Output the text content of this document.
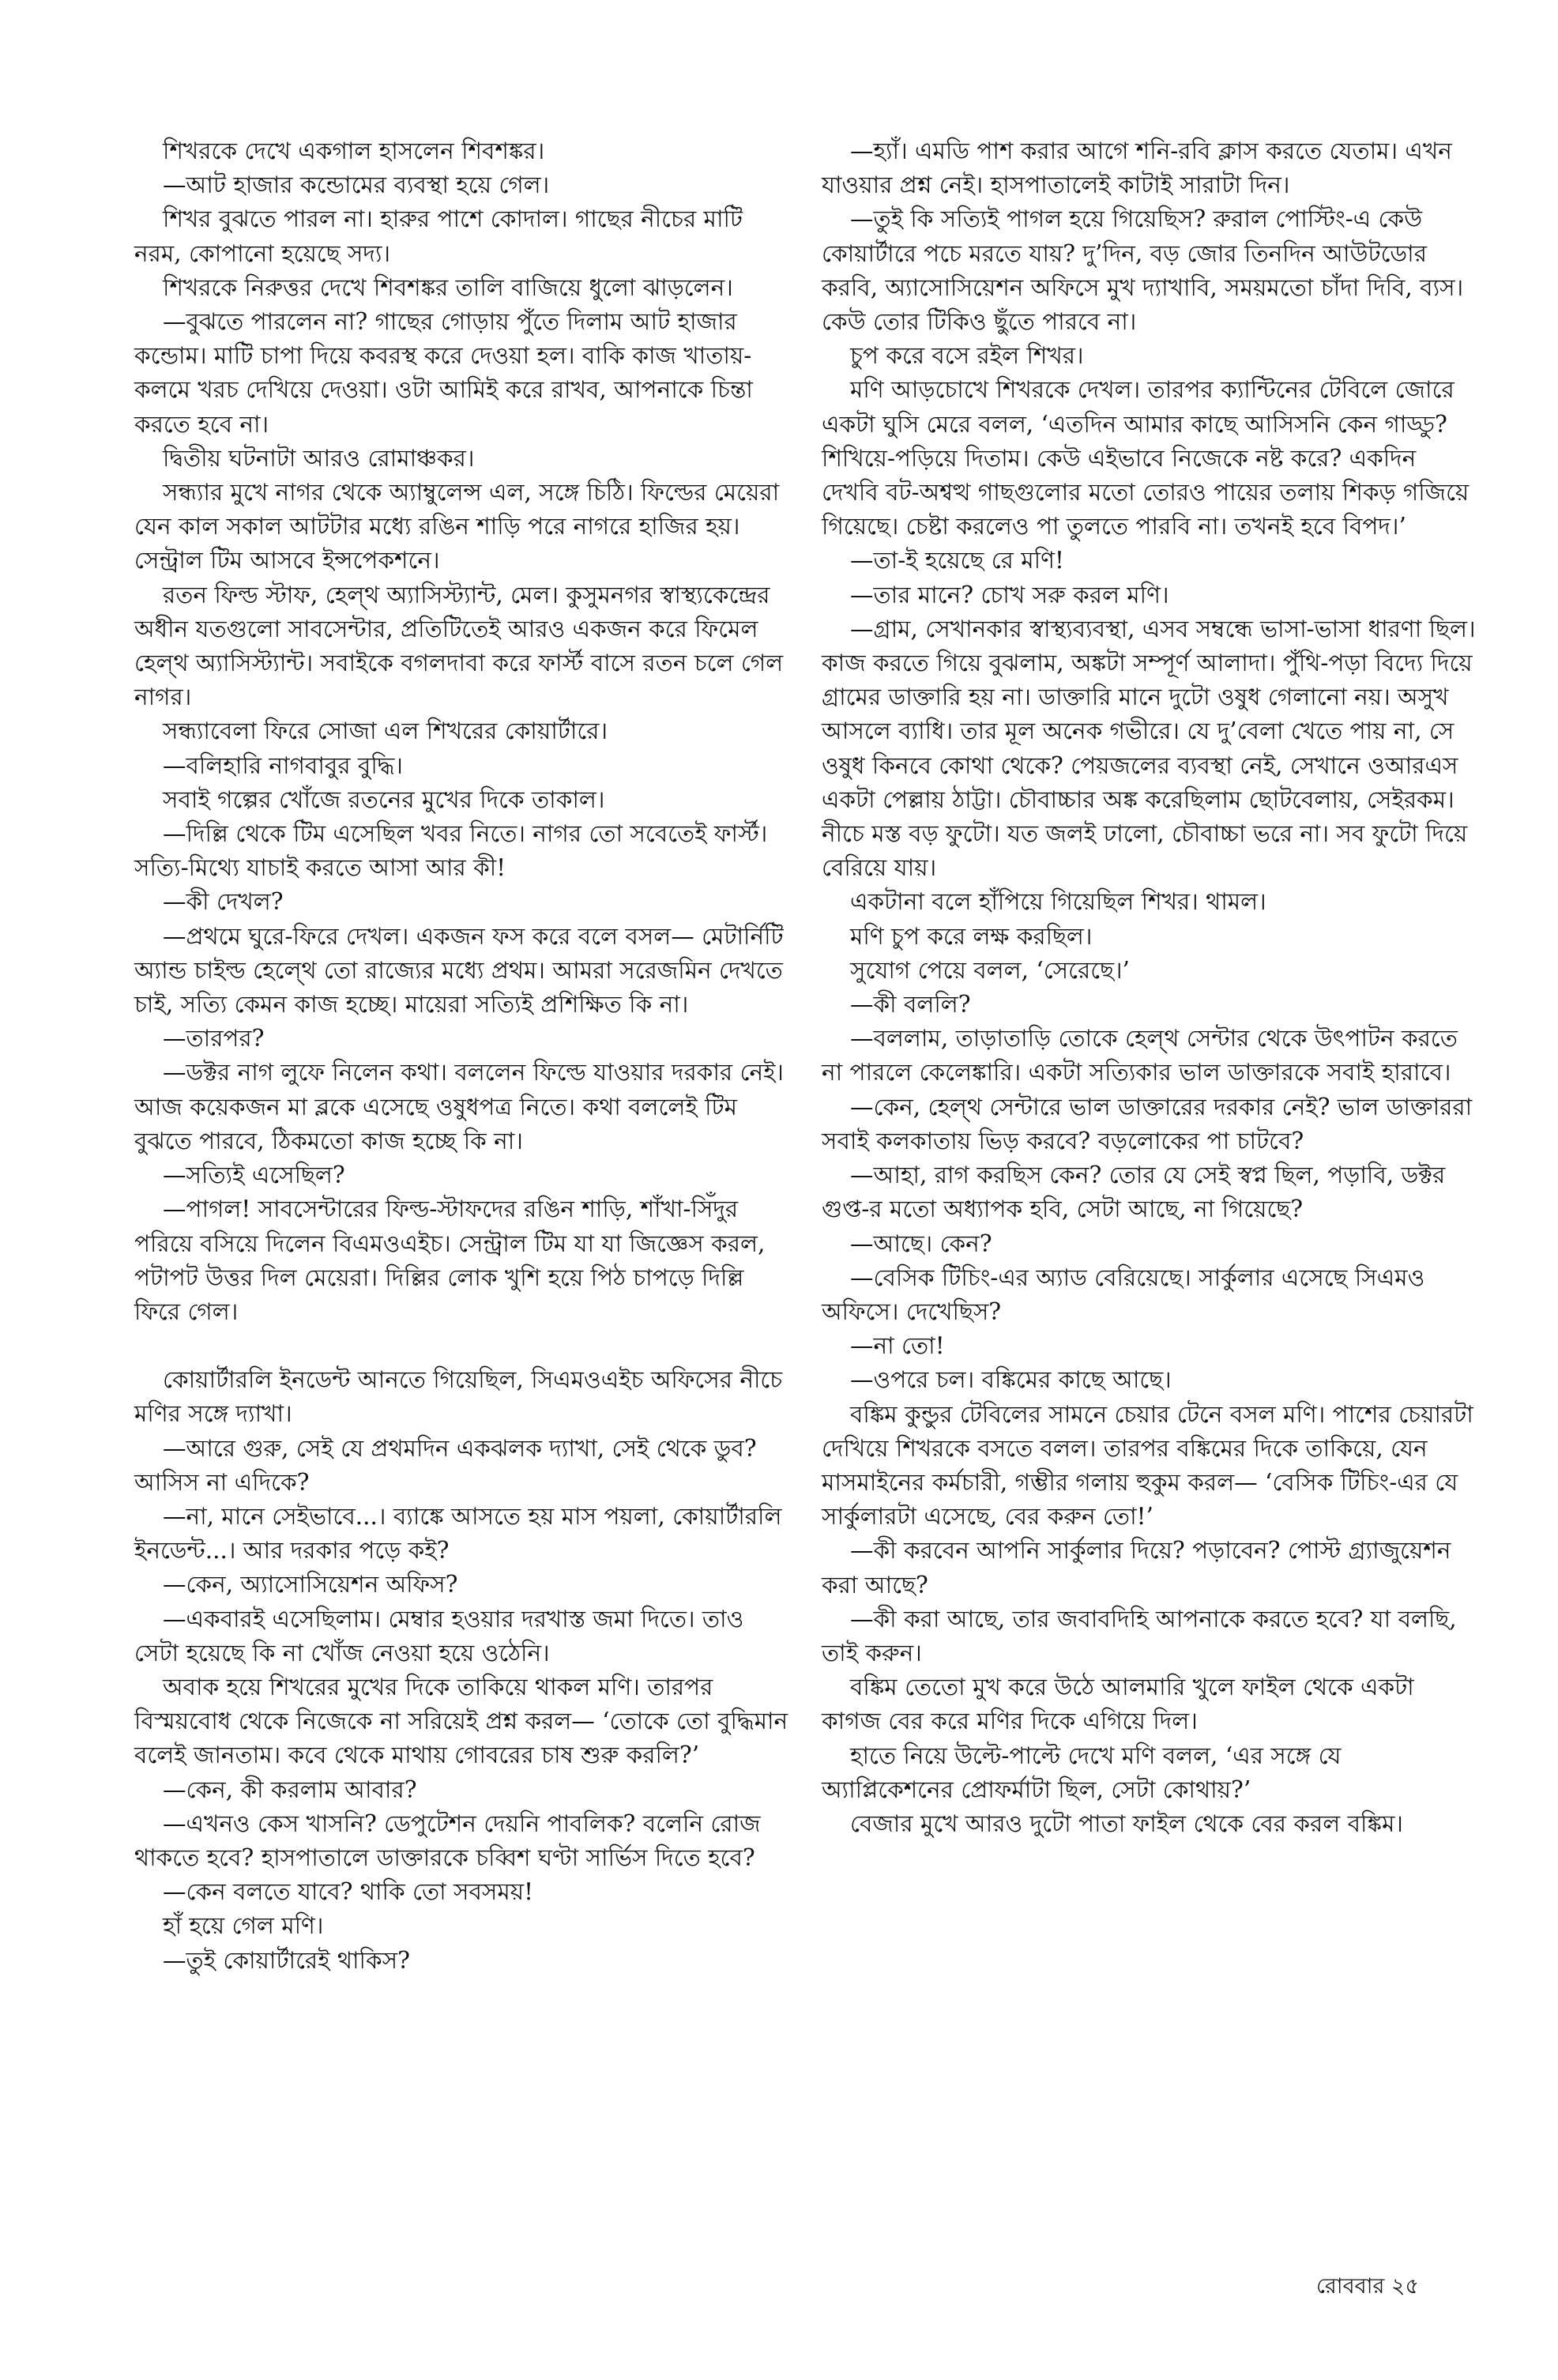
শিখরকে দেখে একগাল হাসলেন শিবশঙ্কর।

—আট হাজার কন্ডোমের ব্যবস্থা হয়ে গেল।

শিখর বুঝতে পারল না। হারুর পাশে কোদাল। গাছের নীচের মাটি নরম, কোপানো হয়েছে সদ্য।

শিখরকে নিরুত্তর দেখে শিবশঙ্কর তালি বাজিয়ে ধুলো ঝাড়লেন।

—বুঝতে পারলেন না? গাছের গোড়ায় পুঁতে দিলাম আট হাজার কন্ডোম। মাটি চাপা দিয়ে কবরস্থ করে দেওয়া হল। বাকি কাজ খাতায়-কলমে খরচ দেখিয়ে দেওয়া। ওটা আমিই করে রাখব, আপনাকে চিন্তা করতে হবে না।

দ্বিতীয় ঘটনাটা আরও রোমাঞ্চকর।

সন্ধ্যার মুখে নাগর থেকে অ্যাম্বুলেন্স এল, সঙ্গে চিঠি। ফিল্ডের মেয়েরা যেন কাল সকাল আটটার মধ্যে রঙিন শাড়ি পরে নাগরে হাজির হয়। সেন্ট্রাল টিম আসবে ইন্সপেকশনে।

রতন ফিল্ড স্টাফ, হেল্থ অ্যাসিস্ট্যান্ট, মেল। কুসুমনগর স্বাস্থ্যকেন্দ্রের অধীন যতগুলো সাবসেন্টার, প্রতিটিতেই আরও একজন করে ফিমেল হেল্থ অ্যাসিস্ট্যান্ট। সবাইকে বগলদাবা করে ফার্স্ট বাসে রতন চলে গেল নাগর।

সন্ধ্যাবেলা ফিরে সোজা এল শিখরের কোয়ার্টারে।

—বলিহারি নাগবাবুর বুদ্ধি।

সবাই গল্পের খোঁজে রতনের মুখের দিকে তাকাল।

—দিল্লি থেকে টিম এসেছিল খবর নিতে। নাগর তো সবেতেই ফার্স্ট। সত্যি-মিথ্যে যাচাই করতে আসা আর কী!

—কী দেখল?

—প্রথমে ঘুরে-ফিরে দেখল। একজন ফস করে বলে বসল— মেটার্নিটি অ্যান্ড চাইল্ড হেল্থে তো রাজ্যের মধ্যে প্রথম। আমরা সরেজমিন দেখতে চাই, সত্যি কেমন কাজ হচ্ছে। মায়েরা সত্যিই প্রশিক্ষিত কি না।

—তারপর?

—ডক্টর নাগ লুফে নিলেন কথা। বললেন ফিল্ডে যাওয়ার দরকার নেই। আজ কয়েকজন মা ব্লকে এসেছে ওষুধপত্র নিতে। কথা বললেই টিম বুঝতে পারবে, ঠিকমতো কাজ হচ্ছে কি না।

—সত্যিই এসেছিল?

—পাগল! সাবসেন্টারের ফিল্ড-স্টাফদের রঙিন শাড়ি, শাঁখা-সিঁদুর পরিয়ে বসিয়ে দিলেন বিএমওএইচ। সেন্ট্রাল টিম যা যা জিজ্ঞেস করল, পটাপট উত্তর দিল মেয়েরা। দিল্লির লোক খুশি হয়ে পিঠ চাপড়ে দিল্লি ফিরে গেল।

কোয়ার্টারলি ইনডেন্ট আনতে গিয়েছিল, সিএমওএইচ অফিসের নীচে মণির সঙ্গে দ্যাখা।

—আরে গুরু, সেই যে প্রথমদিন একঝলক দ্যাখা, সেই থেকে ডুব? আসিস না এদিকে?

—না, মানে সেইভাবে...। ব্যাঙ্কে আসতে হয় মাস পয়লা, কোয়ার্টারলি ইনডেন্ট...। আর দরকার পড়ে কই?

—কেন, অ্যাসোসিয়েশন অফিস?

—একবারই এসেছিলাম। মেম্বার হওয়ার দরখাস্ত জমা দিতে। তাও সেটা হয়েছে কি না খোঁজ নেওয়া হয়ে ওঠেনি।

অবাক হয়ে শিখরের মুখের দিকে তাকিয়ে থাকল মণি। তারপর বিস্ময়বোধ থেকে নিজেকে না সরিয়েই প্রশ্ন করল— ‘তোকে তো বুদ্ধিমান বলেই জানতাম। কবে থেকে মাথায় গোবরের চাষ শুরু করলি?’

—কেন, কী করলাম আবার?

—এখনও কেস খাসনি? ডেপুটেশন দেয়নি পাবলিক? বলেনি রোজ থাকতে হবে? হাসপাতালে ডাক্তারকে চব্বিশ ঘণ্টা সার্ভিস দিতে হবে?

—কেন বলতে যাবে? থাকি তো সবসময়!

হাঁ হয়ে গেল মণি।

—তুই কোয়ার্টারেই থাকিস?

—হ্যাঁ। এমডি পাশ করার আগে শনি-রবি ক্লাস করতে যেতাম। এখন যাওয়ার প্রশ্ন নেই। হাসপাতালেই কাটাই সারাটা দিন।

—তুই কি সত্যিই পাগল হয়ে গিয়েছিস? রুরাল পোস্টিং-এ কেউ কোয়ার্টারে পচে মরতে যায়? দু’দিন, বড় জোর তিনদিন আউটডোর করবি, অ্যাসোসিয়েশন অফিসে মুখ দ্যাখাবি, সময়মতো চাঁদা দিবি, ব্যস। কেউ তোর টিকিও ছুঁতে পারবে না।

চুপ করে বসে রইল শিখর।

মণি আড়চোখে শিখরকে দেখল। তারপর ক্যান্টিনের টেবিলে জোরে একটা ঘুসি মেরে বলল, ‘এতদিন আমার কাছে আসিসনি কেন গাড্ডু? শিখিয়ে-পড়িয়ে দিতাম। কেউ এইভাবে নিজেকে নষ্ট করে? একদিন দেখবি বট-অশ্বত্থ গাছগুলোর মতো তোরও পায়ের তলায় শিকড় গজিয়ে গিয়েছে। চেষ্টা করলেও পা তুলতে পারবি না। তখনই হবে বিপদ।’

—তা-ই হয়েছে রে মণি!

—তার মানে? চোখ সরু করল মণি।

—গ্রাম, সেখানকার স্বাস্থ্যব্যবস্থা, এসব সম্বন্ধে ভাসা-ভাসা ধারণা ছিল। কাজ করতে গিয়ে বুঝলাম, অঙ্কটা সম্পূর্ণ আলাদা। পুঁথি-পড়া বিদ্যে দিয়ে গ্রামের ডাক্তারি হয় না। ডাক্তারি মানে দুটো ওষুধ গেলানো নয়। অসুখ আসলে ব্যাধি। তার মূল অনেক গভীরে। যে দু’বেলা খেতে পায় না, সে ওষুধ কিনবে কোথা থেকে? পেয়জলের ব্যবস্থা নেই, সেখানে ওআরএস একটা পেল্লায় ঠাট্টা। চৌবাচ্চার অঙ্ক করেছিলাম ছোটবেলায়, সেইরকম। নীচে মস্ত বড় ফুটো। যত জলই ঢালো, চৌবাচ্চা ভরে না। সব ফুটো দিয়ে বেরিয়ে যায়।

একটানা বলে হাঁপিয়ে গিয়েছিল শিখর। থামল।

মণি চুপ করে লক্ষ করছিল।

সুযোগ পেয়ে বলল, ‘সেরেছে।’

—কী বললি?

—বললাম, তাড়াতাড়ি তোকে হেল্থ সেন্টার থেকে উৎপাটন করতে না পারলে কেলেঙ্কারি। একটা সত্যিকার ভাল ডাক্তারকে সবাই হারাবে।

—কেন, হেল্থ সেন্টারে ভাল ডাক্তারের দরকার নেই? ভাল ডাক্তাররা সবাই কলকাতায় ভিড় করবে? বড়লোকের পা চাটবে?

—আহা, রাগ করছিস কেন? তোর যে সেই স্বপ্ন ছিল, পড়াবি, ডক্টর গুপ্ত-র মতো অধ্যাপক হবি, সেটা আছে, না গিয়েছে?

—আছে। কেন?

—বেসিক টিচিং-এর অ্যাড বেরিয়েছে। সার্কুলার এসেছে সিএমও অফিসে। দেখেছিস?

—না তো!

—ওপরে চল। বঙ্কিমের কাছে আছে।

বঙ্কিম কুন্ডুর টেবিলের সামনে চেয়ার টেনে বসল মণি। পাশের চেয়ারটা দেখিয়ে শিখরকে বসতে বলল। তারপর বঙ্কিমের দিকে তাকিয়ে, যেন মাসমাইনের কর্মচারী, গম্ভীর গলায় হুকুম করল— ‘বেসিক টিচিং-এর যে সার্কুলারটা এসেছে, বের করুন তো!’

—কী করবেন আপনি সার্কুলার দিয়ে? পড়াবেন? পোস্ট গ্র্যাজুয়েশন করা আছে?

—কী করা আছে, তার জবাবদিহি আপনাকে করতে হবে? যা বলছি, তাই করুন।

বঙ্কিম তেতো মুখ করে উঠে আলমারি খুলে ফাইল থেকে একটা কাগজ বের করে মণির দিকে এগিয়ে দিল।

হাতে নিয়ে উল্টে-পাল্টে দেখে মণি বলল, ‘এর সঙ্গে যে অ্যাপ্লিকেশনের প্রোফর্মাটা ছিল, সেটা কোথায়?’

বেজার মুখে আরও দুটো পাতা ফাইল থেকে বের করল বঙ্কিম।

রোববার ২৫
